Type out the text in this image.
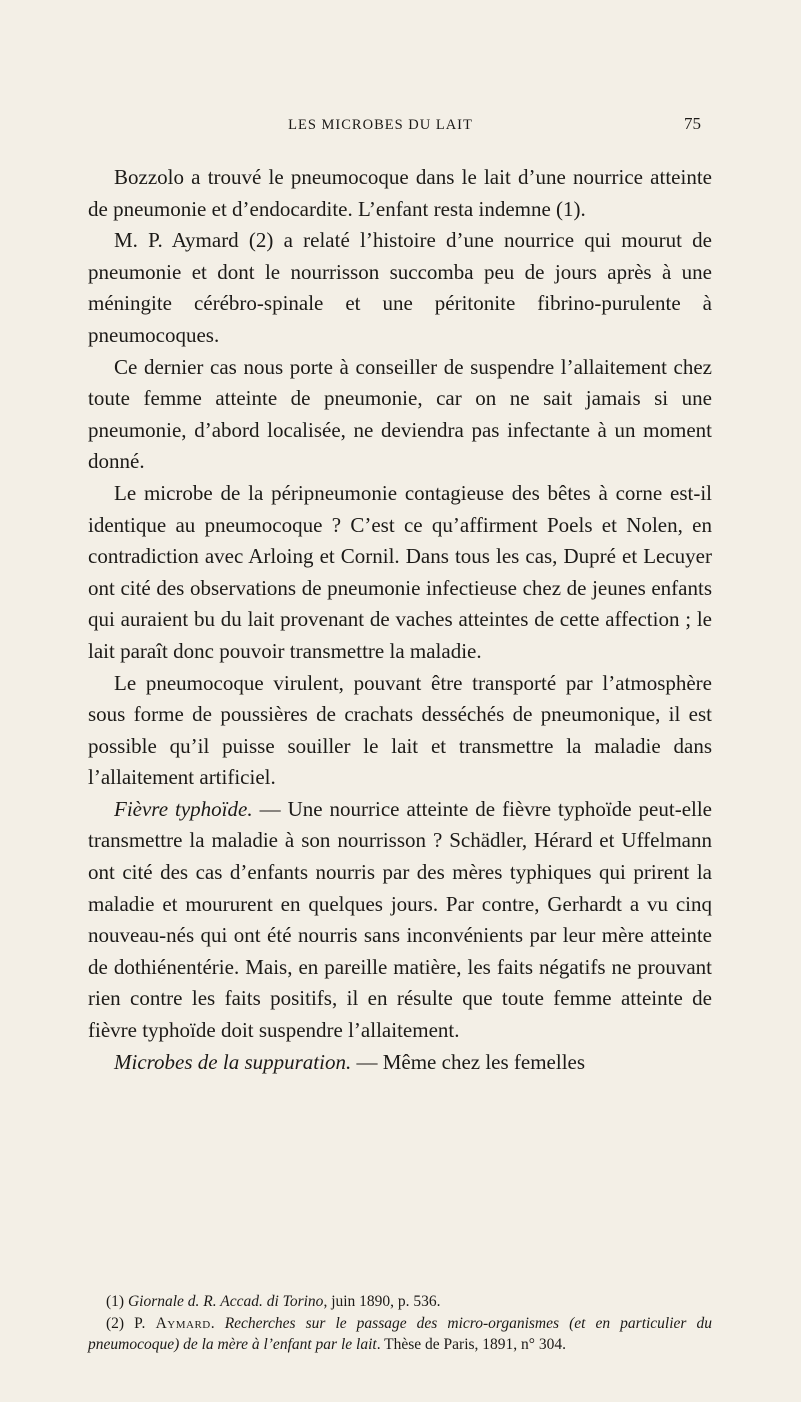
LES MICROBES DU LAIT	75

Bozzolo a trouvé le pneumocoque dans le lait d’une nourrice atteinte de pneumonie et d’endocardite. L’enfant resta indemne (1).

M. P. Aymard (2) a relaté l’histoire d’une nourrice qui mourut de pneumonie et dont le nourrisson succomba peu de jours après à une méningite cérébro-spinale et une péritonite fibrino-purulente à pneumocoques.

Ce dernier cas nous porte à conseiller de suspendre l’allaitement chez toute femme atteinte de pneumonie, car on ne sait jamais si une pneumonie, d’abord localisée, ne deviendra pas infectante à un moment donné.

Le microbe de la péripneumonie contagieuse des bêtes à corne est-il identique au pneumocoque ? C’est ce qu’affirment Poels et Nolen, en contradiction avec Arloing et Cornil. Dans tous les cas, Dupré et Lecuyer ont cité des observations de pneumonie infectieuse chez de jeunes enfants qui auraient bu du lait provenant de vaches atteintes de cette affection ; le lait paraît donc pouvoir transmettre la maladie.

Le pneumocoque virulent, pouvant être transporté par l’atmosphère sous forme de poussières de crachats desséchés de pneumonique, il est possible qu’il puisse souiller le lait et transmettre la maladie dans l’allaitement artificiel.

Fièvre typhoïde. — Une nourrice atteinte de fièvre typhoïde peut-elle transmettre la maladie à son nourrisson ? Schädler, Hérard et Uffelmann ont cité des cas d’enfants nourris par des mères typhiques qui prirent la maladie et moururent en quelques jours. Par contre, Gerhardt a vu cinq nouveau-nés qui ont été nourris sans inconvénients par leur mère atteinte de dothiénentérie. Mais, en pareille matière, les faits négatifs ne prouvant rien contre les faits positifs, il en résulte que toute femme atteinte de fièvre typhoïde doit suspendre l’allaitement.

Microbes de la suppuration. — Même chez les femelles

(1) Giornale d. R. Accad. di Torino, juin 1890, p. 536.

(2) P. Aymard. Recherches sur le passage des micro-organismes (et en particulier du pneumocoque) de la mère à l’enfant par le lait. Thèse de Paris, 1891, n° 304.
